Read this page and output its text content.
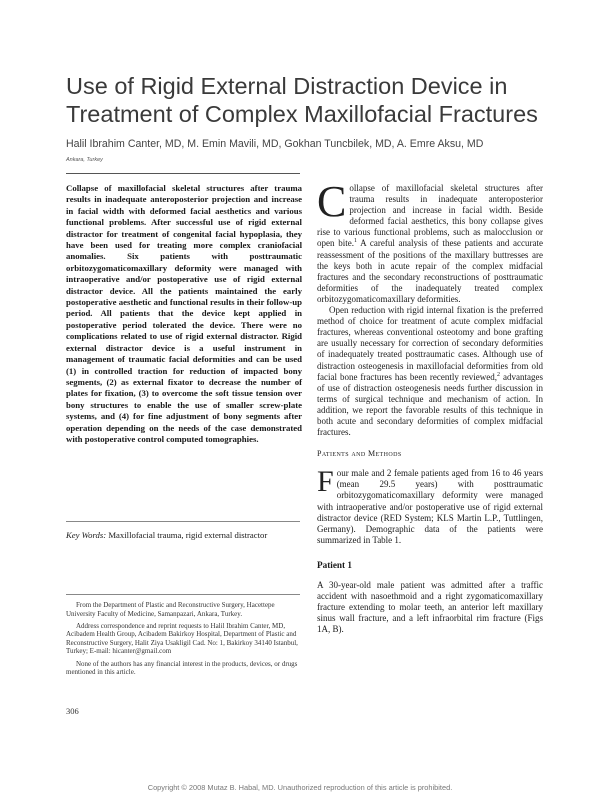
Use of Rigid External Distraction Device in Treatment of Complex Maxillofacial Fractures
Halil Ibrahim Canter, MD, M. Emin Mavili, MD, Gokhan Tuncbilek, MD, A. Emre Aksu, MD
Ankara, Turkey

Collapse of maxillofacial skeletal structures after trauma results in inadequate anteroposterior projection and increase in facial width with deformed facial aesthetics and various functional problems. After successful use of rigid external distractor for treatment of congenital facial hypoplasia, they have been used for treating more complex craniofacial anomalies. Six patients with posttraumatic orbitozygomaticomaxillary deformity were managed with intraoperative and/or postoperative use of rigid external distractor device. All the patients maintained the early postoperative aesthetic and functional results in their follow-up period. All patients that the device kept applied in postoperative period tolerated the device. There were no complications related to use of rigid external distractor. Rigid external distractor device is a useful instrument in management of traumatic facial deformities and can be used (1) in controlled traction for reduction of impacted bony segments, (2) as external fixator to decrease the number of plates for fixation, (3) to overcome the soft tissue tension over bony structures to enable the use of smaller screw-plate systems, and (4) for fine adjustment of bony segments after operation depending on the needs of the case demonstrated with postoperative control computed tomographies.

Key Words: Maxillofacial trauma, rigid external distractor

From the Department of Plastic and Reconstructive Surgery, Hacettepe University Faculty of Medicine, Samanpazari, Ankara, Turkey.

Address correspondence and reprint requests to Halil Ibrahim Canter, MD, Acibadem Health Group, Acibadem Bakirkoy Hospital, Department of Plastic and Reconstructive Surgery, Halit Ziya Usakligil Cad. No: 1, Bakirkoy 34140 Istanbul, Turkey; E-mail: hicanter@gmail.com

None of the authors has any financial interest in the products, devices, or drugs mentioned in this article.

306

Collapse of maxillofacial skeletal structures after trauma results in inadequate anteroposterior projection and increase in facial width. Beside deformed facial aesthetics, this bony collapse gives rise to various functional problems, such as malocclusion or open bite.$^1$ A careful analysis of these patients and accurate reassessment of the positions of the maxillary buttresses are the keys both in acute repair of the complex midfacial fractures and the secondary reconstructions of posttraumatic deformities of the inadequately treated complex orbitozygomaticomaxillary deformities.

Open reduction with rigid internal fixation is the preferred method of choice for treatment of acute complex midfacial fractures, whereas conventional osteotomy and bone grafting are usually necessary for correction of secondary deformities of inadequately treated posttraumatic cases. Although use of distraction osteogenesis in maxillofacial deformities from old facial bone fractures has been recently reviewed,$^2$ advantages of use of distraction osteogenesis needs further discussion in terms of surgical technique and mechanism of action. In addition, we report the favorable results of this technique in both acute and secondary deformities of complex midfacial fractures.

Patients and Methods

Four male and 2 female patients aged from 16 to 46 years (mean 29.5 years) with posttraumatic orbitozygomaticomaxillary deformity were managed with intraoperative and/or postoperative use of rigid external distractor device (RED System; KLS Martin L.P., Tuttlingen, Germany). Demographic data of the patients were summarized in Table 1.

Patient 1

A 30-year-old male patient was admitted after a traffic accident with nasoethmoid and a right zygomaticomaxillary fracture extending to molar teeth, an anterior left maxillary sinus wall fracture, and a left infraorbital rim fracture (Figs 1A, B).

Copyright © 2008 Mutaz B. Habal, MD. Unauthorized reproduction of this article is prohibited.
